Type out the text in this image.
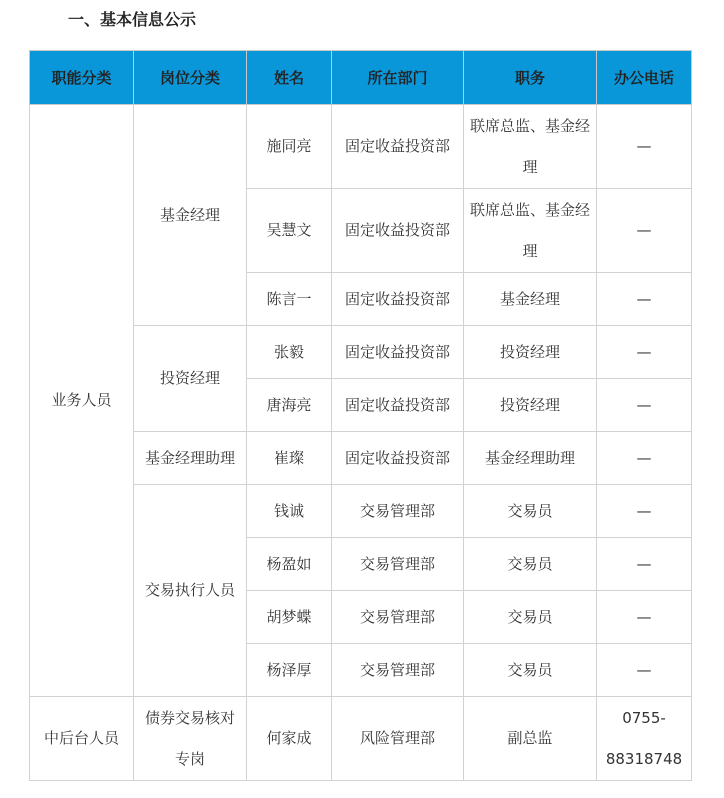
一、基本信息公示
职能分类	岗位分类	姓名	所在部门	职务	办公电话
业务人员	基金经理	施同亮	固定收益投资部	联席总监、基金经理	—
		吴慧文	固定收益投资部	联席总监、基金经理	—
		陈言一	固定收益投资部	基金经理	—
	投资经理	张毅	固定收益投资部	投资经理	—
		唐海亮	固定收益投资部	投资经理	—
	基金经理助理	崔璨	固定收益投资部	基金经理助理	—
	交易执行人员	钱诚	交易管理部	交易员	—
		杨盈如	交易管理部	交易员	—
		胡梦蝶	交易管理部	交易员	—
		杨泽厚	交易管理部	交易员	—
中后台人员	债券交易核对专岗	何家成	风险管理部	副总监	0755-88318748
